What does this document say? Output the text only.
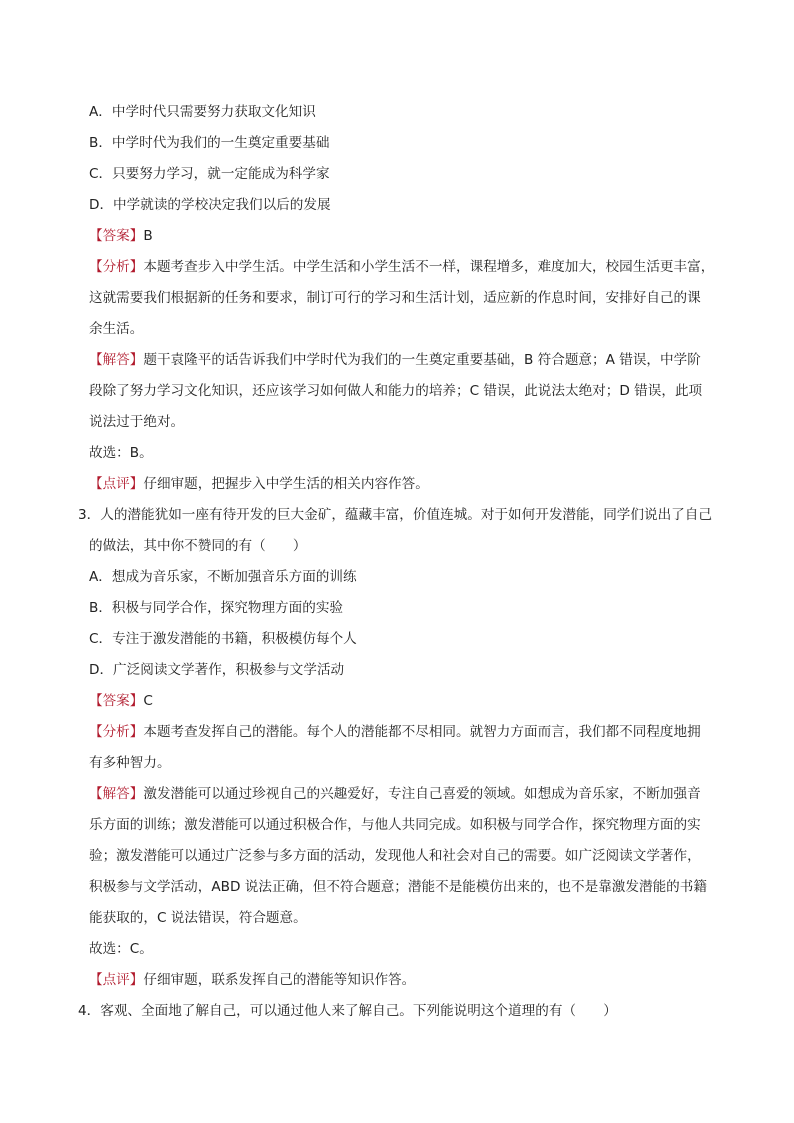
A．中学时代只需要努力获取文化知识
B．中学时代为我们的一生奠定重要基础
C．只要努力学习，就一定能成为科学家
D．中学就读的学校决定我们以后的发展
【答案】B
【分析】本题考查步入中学生活。中学生活和小学生活不一样，课程增多，难度加大，校园生活更丰富，
这就需要我们根据新的任务和要求，制订可行的学习和生活计划，适应新的作息时间，安排好自己的课
余生活。
【解答】题干袁隆平的话告诉我们中学时代为我们的一生奠定重要基础，B 符合题意；A 错误，中学阶
段除了努力学习文化知识，还应该学习如何做人和能力的培养；C 错误，此说法太绝对；D 错误，此项
说法过于绝对。
故选：B。
【点评】仔细审题，把握步入中学生活的相关内容作答。
3．人的潜能犹如一座有待开发的巨大金矿，蕴藏丰富，价值连城。对于如何开发潜能，同学们说出了自己
的做法，其中你不赞同的有（　　）
A．想成为音乐家，不断加强音乐方面的训练
B．积极与同学合作，探究物理方面的实验
C．专注于激发潜能的书籍，积极模仿每个人
D．广泛阅读文学著作，积极参与文学活动
【答案】C
【分析】本题考查发挥自己的潜能。每个人的潜能都不尽相同。就智力方面而言，我们都不同程度地拥
有多种智力。
【解答】激发潜能可以通过珍视自己的兴趣爱好，专注自己喜爱的领域。如想成为音乐家，不断加强音
乐方面的训练；激发潜能可以通过积极合作，与他人共同完成。如积极与同学合作，探究物理方面的实
验；激发潜能可以通过广泛参与多方面的活动，发现他人和社会对自己的需要。如广泛阅读文学著作，
积极参与文学活动，ABD 说法正确，但不符合题意；潜能不是能模仿出来的，也不是靠激发潜能的书籍
能获取的，C 说法错误，符合题意。
故选：C。
【点评】仔细审题，联系发挥自己的潜能等知识作答。
4．客观、全面地了解自己，可以通过他人来了解自己。下列能说明这个道理的有（　　）
